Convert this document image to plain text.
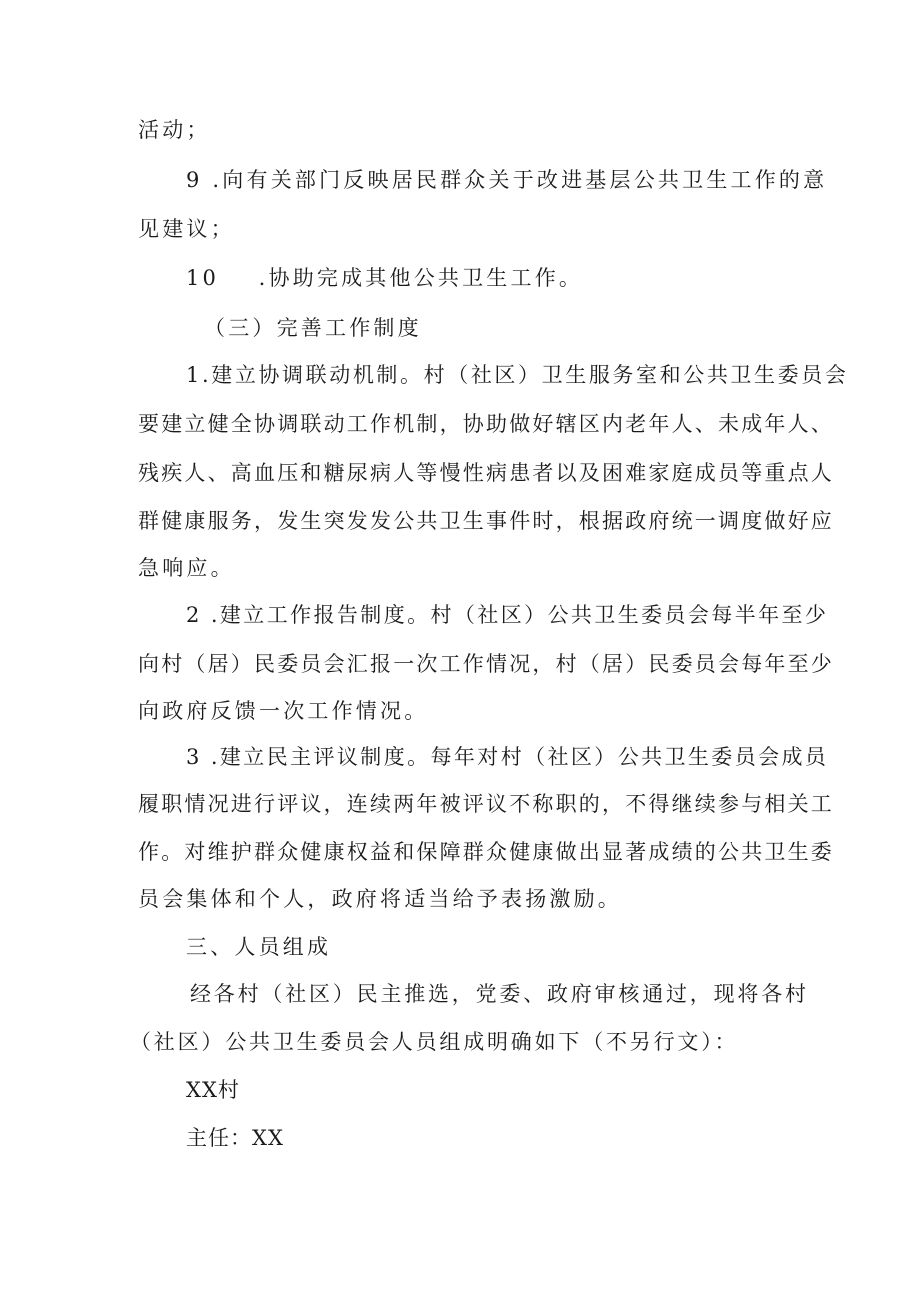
活动；
9 .向有关部门反映居民群众关于改进基层公共卫生工作的意
见建议；
10    .协助完成其他公共卫生工作。
（三）完善工作制度
1.建立协调联动机制。村（社区）卫生服务室和公共卫生委员会
要建立健全协调联动工作机制，协助做好辖区内老年人、未成年人、
残疾人、高血压和糖尿病人等慢性病患者以及困难家庭成员等重点人
群健康服务，发生突发发公共卫生事件时，根据政府统一调度做好应
急响应。
2 .建立工作报告制度。村（社区）公共卫生委员会每半年至少
向村（居）民委员会汇报一次工作情况，村（居）民委员会每年至少
向政府反馈一次工作情况。
3 .建立民主评议制度。每年对村（社区）公共卫生委员会成员
履职情况进行评议，连续两年被评议不称职的，不得继续参与相关工
作。对维护群众健康权益和保障群众健康做出显著成绩的公共卫生委
员会集体和个人，政府将适当给予表扬激励。
三、人员组成
经各村（社区）民主推选，党委、政府审核通过，现将各村
（社区）公共卫生委员会人员组成明确如下（不另行文）：
XX村
主任：XX
